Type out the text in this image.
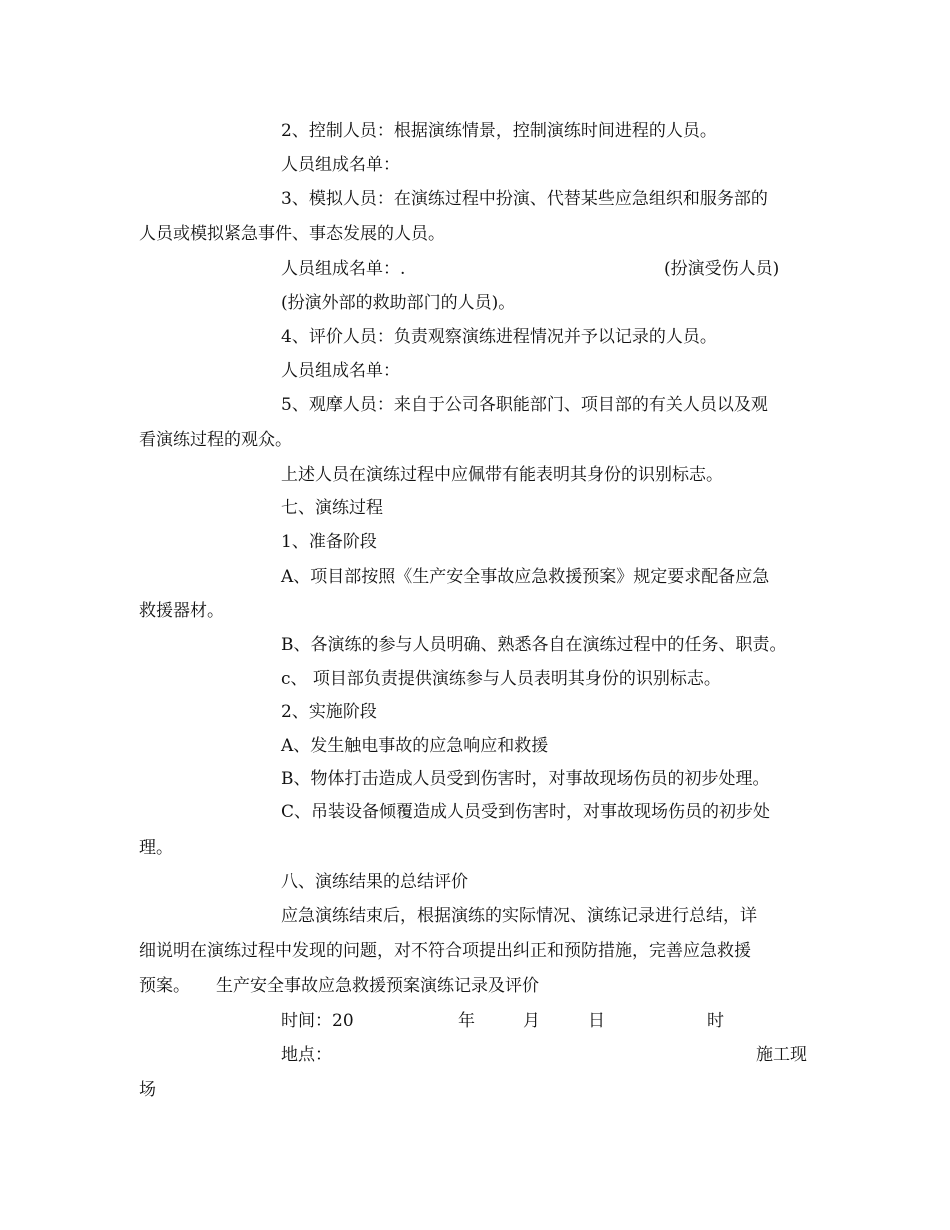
2、控制人员：根据演练情景，控制演练时间进程的人员。
人员组成名单：
3、模拟人员：在演练过程中扮演、代替某些应急组织和服务部的
人员或模拟紧急事件、事态发展的人员。
人员组成名单：.	(扮演受伤人员)
(扮演外部的救助部门的人员)。
4、评价人员：负责观察演练进程情况并予以记录的人员。
人员组成名单：
5、观摩人员：来自于公司各职能部门、项目部的有关人员以及观
看演练过程的观众。
上述人员在演练过程中应佩带有能表明其身份的识别标志。
七、演练过程
1、准备阶段
A、项目部按照《生产安全事故应急救援预案》规定要求配备应急
救援器材。
B、各演练的参与人员明确、熟悉各自在演练过程中的任务、职责。
c、 项目部负责提供演练参与人员表明其身份的识别标志。
2、实施阶段
A、发生触电事故的应急响应和救援
B、物体打击造成人员受到伤害时，对事故现场伤员的初步处理。
C、吊装设备倾覆造成人员受到伤害时，对事故现场伤员的初步处
理。
八、演练结果的总结评价
应急演练结束后，根据演练的实际情况、演练记录进行总结，详
细说明在演练过程中发现的问题，对不符合项提出纠正和预防措施，完善应急救援
预案。 生产安全事故应急救援预案演练记录及评价
时间：20	年	月	日	时
地点：	施工现
场
